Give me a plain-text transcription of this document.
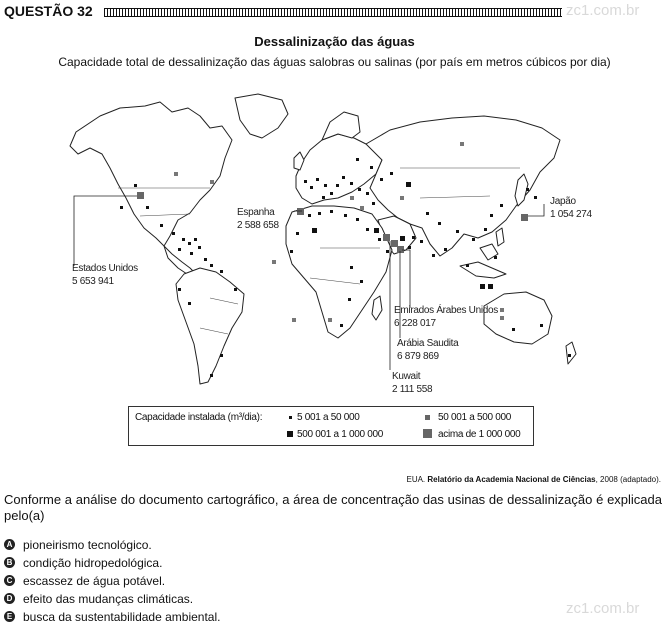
QUESTÃO 32	zc1.com.br
Dessalinização das águas
Capacidade total de dessalinização das águas salobras ou salinas (por país em metros cúbicos por dia)
Estados Unidos
5 653 941
Espanha
2 588 658
Japão
1 054 274
Emirados Árabes Unidos
6 228 017
Arábia Saudita
6 879 869
Kuwait
2 111 558
Capacidade instalada (m³/dia):	5 001 a 50 000	50 001 a 500 000
500 001 a 1 000 000	acima de 1 000 000
EUA. Relatório da Academia Nacional de Ciências, 2008 (adaptado).
Conforme a análise do documento cartográfico, a área de concentração das usinas de dessalinização é explicada pelo(a)
A pioneirismo tecnológico.
B condição hidropedológica.
C escassez de água potável.
D efeito das mudanças climáticas.
E busca da sustentabilidade ambiental.	zc1.com.br
